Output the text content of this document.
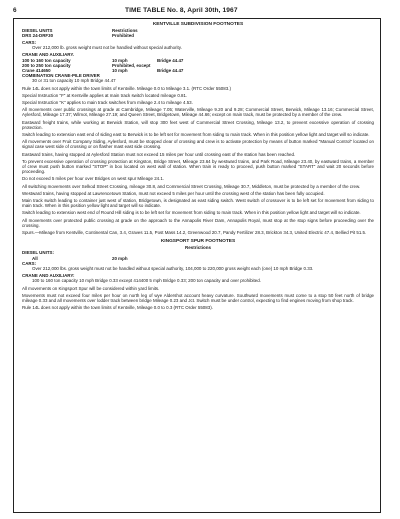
6	TIME TABLE No. 8, April 30th, 1967
KENTVILLE SUBDIVISION FOOTNOTES
DIESEL UNITS	Restrictions
DRS 24-DRF30	Prohibited
CARS:
Over 212,000 lb. gross weight must not be handled without special authority.
CRANE AND AUXILIARY.
100 to 160 ton capacity	10 mph	Bridge 44.47
200 to 250 ton capacity	Prohibited, except
Crane 414650	10 mph	Bridge 44.47
COMBINATION CRANE-PILE DRIVER
30 or 31 ton capacity 10 mph Bridge 44.47
Rule 14L does not apply within the town limits of Kentville. Mileage 0.0 to Mileage 3.1. (RTC Order 55083.)
Special Instruction "F" at Kentville applies at main track switch located mileage 0.81.
Special Instruction "K" applies to main track switches from mileage 2.4 to mileage 4.53.
All movements over public crossings at grade at Cambridge, Mileage 7.05; Waterville, Mileage 9.20 and 9.28; Commercial Street, Berwick, Mileage 13.16; Commercial Street, Aylesford, Mileage 17.37; Wilmot, Mileage 27.19; and Queen Street, Bridgetown, Mileage 44.66; except on main track, must be protected by a member of the crew.
Eastward freight trains, while working at Berwick Station, will stop 300 feet west of Commercial Street Crossing, Mileage 13.2, to prevent excessive operation of crossing protection.
Switch leading to extension east end of siding east to Berwick is to be left set for movement from siding to main track. When in this position yellow light and target will so indicate.
All movements over Fruit Company Siding, Aylesford, must be stopped clear of crossing and crew is to activate protection by means of button marked "Manual Control" located on signal case west side of crossing or on flasher mast east side crossing.
Eastward trains, having stopped at Aylesford Station must not exceed 15 miles per hour until crossing east of the station has been reached.
To prevent excessive operation of crossing protection at Kingston, Bridge Street, Mileage 23.64 by westward trains, and Park Road, Mileage 23.40, by eastward trains, a member of crew must push button marked "STOP" in box located on west wall of station. When train is ready to proceed, push button marked "START" and wait 20 seconds before proceeding.
Do not exceed 5 miles per hour over Bridges on west spur Mileage 24.1.
All switching movements over Selkod Street Crossing, mileage 30.8, and Commercial Street Crossing, Mileage 30.7, Middleton, must be protected by a member of the crew.
Westward trains, having stopped at Lawrencetown Station, must not exceed 5 miles per hour until the crossing west of the station has been fully occupied.
Main track switch leading to container just west of station, Bridgetown, is designated as east siding switch. West switch of crossover is to be left set for movement from siding to main track. When in this position yellow light and target will so indicate.
Switch leading to extension west end of Round Hill siding is to be left set for movement from siding to main track. When in this position yellow light and target will so indicate.
All movements over protected public crossing at grade on the approach to the Annapolis River Dam, Annapolis Royal, must stop at the stop signs before proceeding over the crossing.
Spurs.—Mileage from Kentville, Continental Can, 3.4, Graves 11.5, Post Mass 14.2, Greenwood 20.7, Pandy Fertilizer 28.3, Brickton 34.3, United Electric 47.4, Bellied Pit 51.5.
KINGSPORT SPUR FOOTNOTES
Restrictions
DIESEL UNITS:
All	20 mph
CARS:
Over 212,000 lbs. gross weight must not be handled without special authority, 104,000 to 220,000 gross weight each (one) 10 mph Bridge 0.33.
CRANE AND AUXILIARY:
100 to 160 ton capacity 10 mph Bridge 0.33 except 414400 5 mph Bridge 0.33; 200 ton capacity and over prohibited.
All movements on Kingsport Spur will be considered within yard limits.
Movements must not exceed four miles per hour on north leg of wye Aldershot account heavy curvature. Southward movements must come to a stop 50 feet north of bridge mileage 0.33 and all movements over lodder track between bridge Mileage 0.23 and Jct. Switch must be under control, expecting to find engines moving from shop track.
Rule 14L does not apply within the town limits of Kentville, Mileage 0.0 to 0.3 (RTC Order 55083).
